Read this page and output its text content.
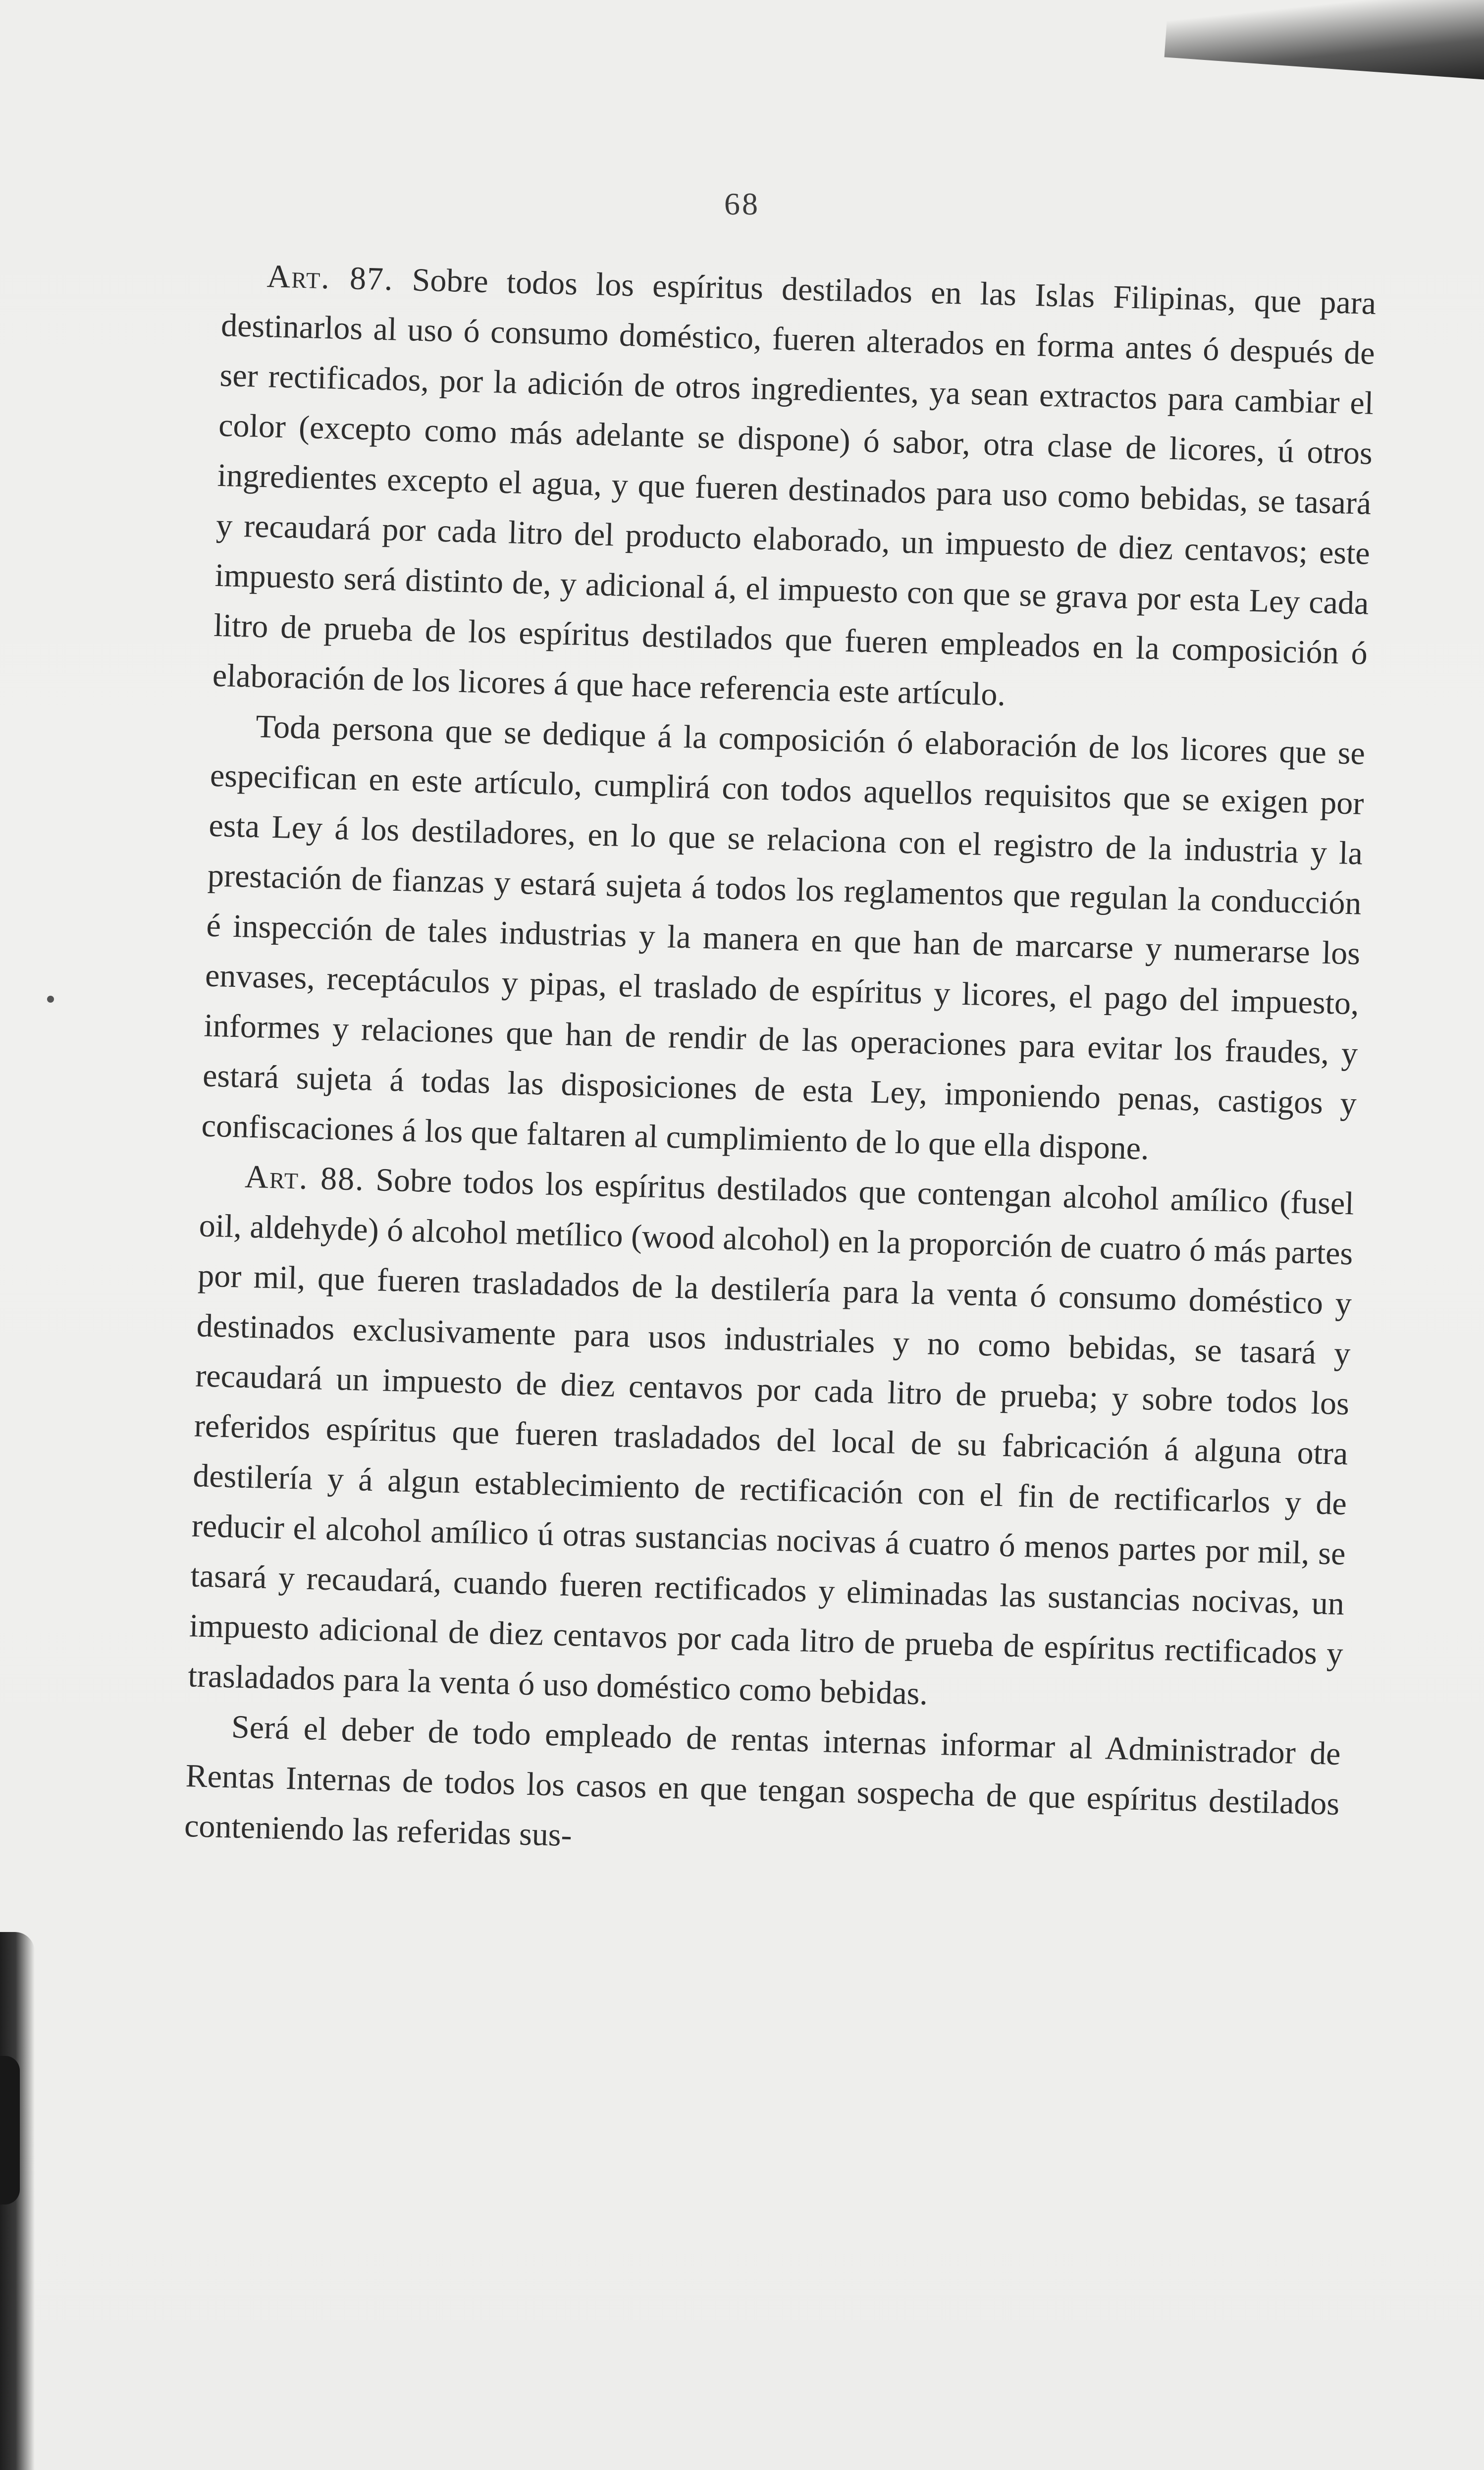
68

Art. 87. Sobre todos los espíritus destilados en las Islas Filipinas, que para destinarlos al uso ó consumo doméstico, fueren alterados en forma antes ó después de ser rectificados, por la adición de otros ingredientes, ya sean extractos para cambiar el color (excepto como más adelante se dispone) ó sabor, otra clase de licores, ú otros ingredientes excepto el agua, y que fueren destinados para uso como bebidas, se tasará y recaudará por cada litro del producto elaborado, un impuesto de diez centavos; este impuesto será distinto de, y adicional á, el impuesto con que se grava por esta Ley cada litro de prueba de los espíritus destilados que fueren empleados en la composición ó elaboración de los licores á que hace referencia este artículo.

Toda persona que se dedique á la composición ó elaboración de los licores que se especifican en este artículo, cumplirá con todos aquellos requisitos que se exigen por esta Ley á los destiladores, en lo que se relaciona con el registro de la industria y la prestación de fianzas y estará sujeta á todos los reglamentos que regulan la conducción é inspección de tales industrias y la manera en que han de marcarse y numerarse los envases, receptáculos y pipas, el traslado de espíritus y licores, el pago del impuesto, informes y relaciones que han de rendir de las operaciones para evitar los fraudes, y estará sujeta á todas las disposiciones de esta Ley, imponiendo penas, castigos y confiscaciones á los que faltaren al cumplimiento de lo que ella dispone.

Art. 88. Sobre todos los espíritus destilados que contengan alcohol amílico (fusel oil, aldehyde) ó alcohol metílico (wood alcohol) en la proporción de cuatro ó más partes por mil, que fueren trasladados de la destilería para la venta ó consumo doméstico y destinados exclusivamente para usos industriales y no como bebidas, se tasará y recaudará un impuesto de diez centavos por cada litro de prueba; y sobre todos los referidos espíritus que fueren trasladados del local de su fabricación á alguna otra destilería y á algun establecimiento de rectificación con el fin de rectificarlos y de reducir el alcohol amílico ú otras sustancias nocivas á cuatro ó menos partes por mil, se tasará y recaudará, cuando fueren rectificados y eliminadas las sustancias nocivas, un impuesto adicional de diez centavos por cada litro de prueba de espíritus rectificados y trasladados para la venta ó uso doméstico como bebidas.

Será el deber de todo empleado de rentas internas informar al Administrador de Rentas Internas de todos los casos en que tengan sospecha de que espíritus destilados conteniendo las referidas sus-
